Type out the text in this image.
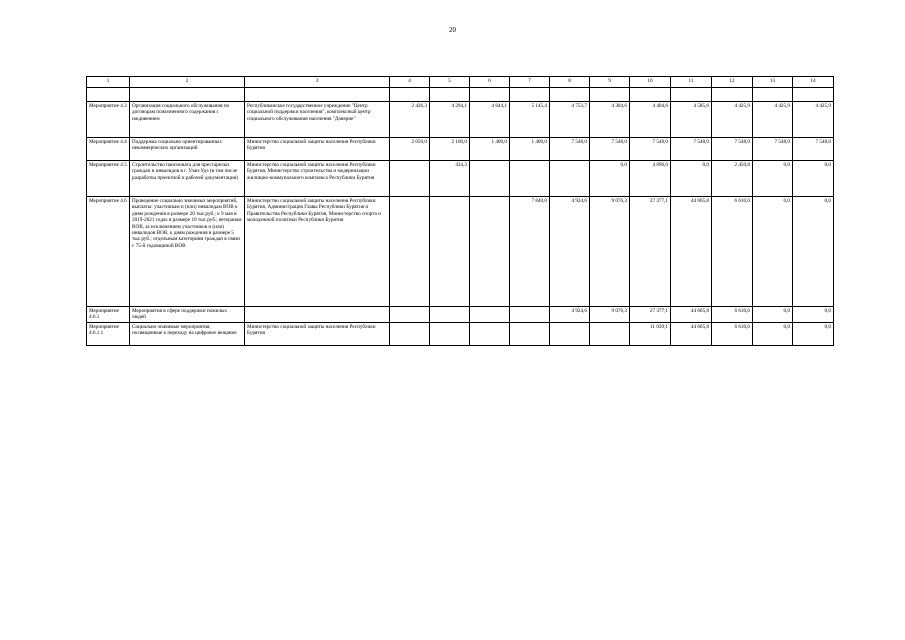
20
1	2	3	4	5	6	7	8	9	10	11	12	13	14

Мероприятие 4.3	Организация социального обслуживания по договорам пожизненного содержания с иждивением	Республиканское государственное учреждение "Центр социальной поддержки населения", комплексный центр социального обслуживания населения "Доверие"	2 426,3	4 294,1	4 644,1	5 145,4	4 753,7	4 304,6	4 404,6	4 585,6	4 425,9	4 425,9	4 425,9
Мероприятие 4.4	Поддержка социально ориентированных некоммерческих организаций	Министерство социальной защиты населения Республики Бурятия	2 050,0	2 100,0	1 400,0	1 400,0	7 548,0	7 548,0	7 548,0	7 548,0	7 548,0	7 548,0	7 548,0
Мероприятие 4.5	Строительство пансионата для престарелых граждан и инвалидов в г. Улан-Удэ (в том числе разработка проектной и рабочей документации)	Министерство социальной защиты населения Республики Бурятия, Министерство строительства и модернизации жилищно-коммунального комплекса Республики Бурятия		434,3				0,0	4 896,0	0,0	2 450,8	0,0	0,0
Мероприятие 4.6	Проведение социально значимых мероприятий, выплаты: участникам и (или) инвалидам ВОВ к дням рождения в размере 20 тыс.руб.; к 9 мая в 2019-2021 годах в размере 10 тыс.руб.; ветеранам ВОВ, за исключением участников и (или) инвалидов ВОВ, к дням рождения в размере 5 тыс.руб.; отдельным категориям граждан в связи с 75-й годовщиной ВОВ	Министерство социальной защиты населения Республики Бурятия, Администрация Главы Республики Бурятия и Правительства Республики Бурятия, Министерство спорта и молодежной политики Республики Бурятия				7 840,0	4 924,6	9 076,3	27 377,1	44 665,8	6 610,6	0,0	0,0
Мероприятие 4.6.1	Мероприятия в сфере поддержки пожилых людей						4 924,6	9 076,3	27 377,1	44 665,8	6 610,6	0,0	0,0
Мероприятие 4.6.1.1	Социально-значимые мероприятия, посвященные к переходу на цифровое вещание	Министерство социальной защиты населения Республики Бурятия							11 039,1	44 665,8	6 610,6	0,0	0,0
